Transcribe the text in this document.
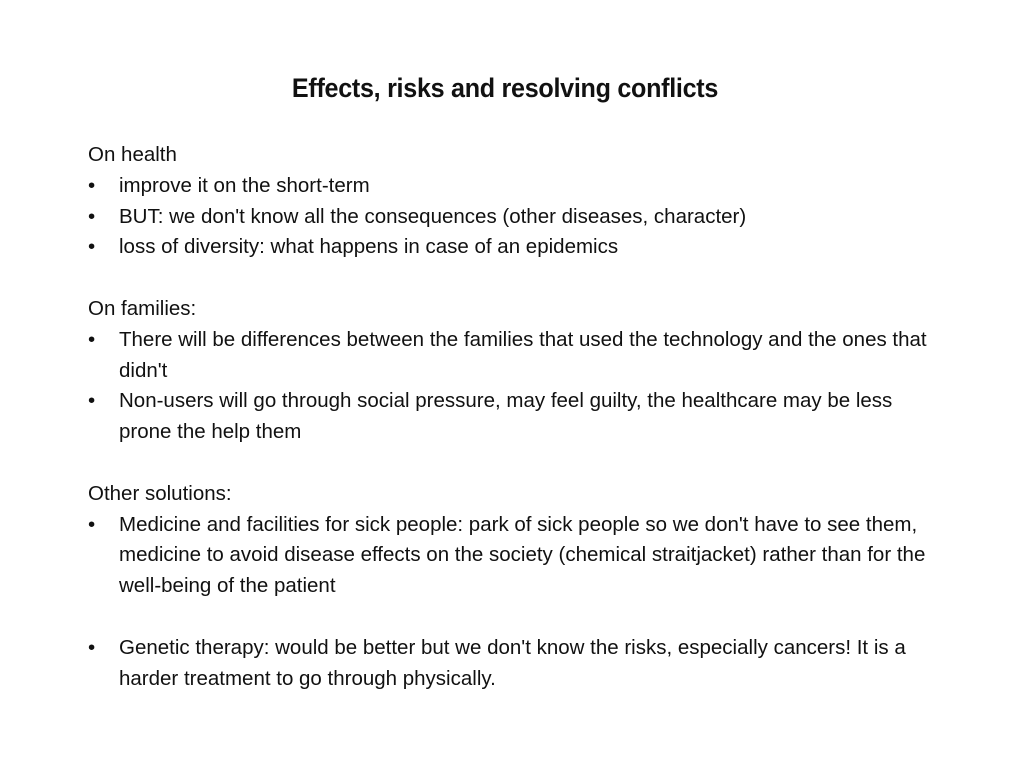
Effects, risks and resolving conflicts

On health

•	improve it on the short-term
•	BUT: we don't know all the consequences (other diseases, character)
•	loss of diversity: what happens in case of an epidemics

On families:

•	There will be differences between the families that used the technology and the ones that didn't
•	Non-users will go through social pressure, may feel guilty, the healthcare may be less prone the help them

Other solutions:

•	Medicine and facilities for sick people: park of sick people so we don't have to see them, medicine to avoid disease effects on the society (chemical straitjacket) rather than for the well-being of the patient
•	Genetic therapy: would be better but we don't know the risks, especially cancers! It is a harder treatment to go through physically.
